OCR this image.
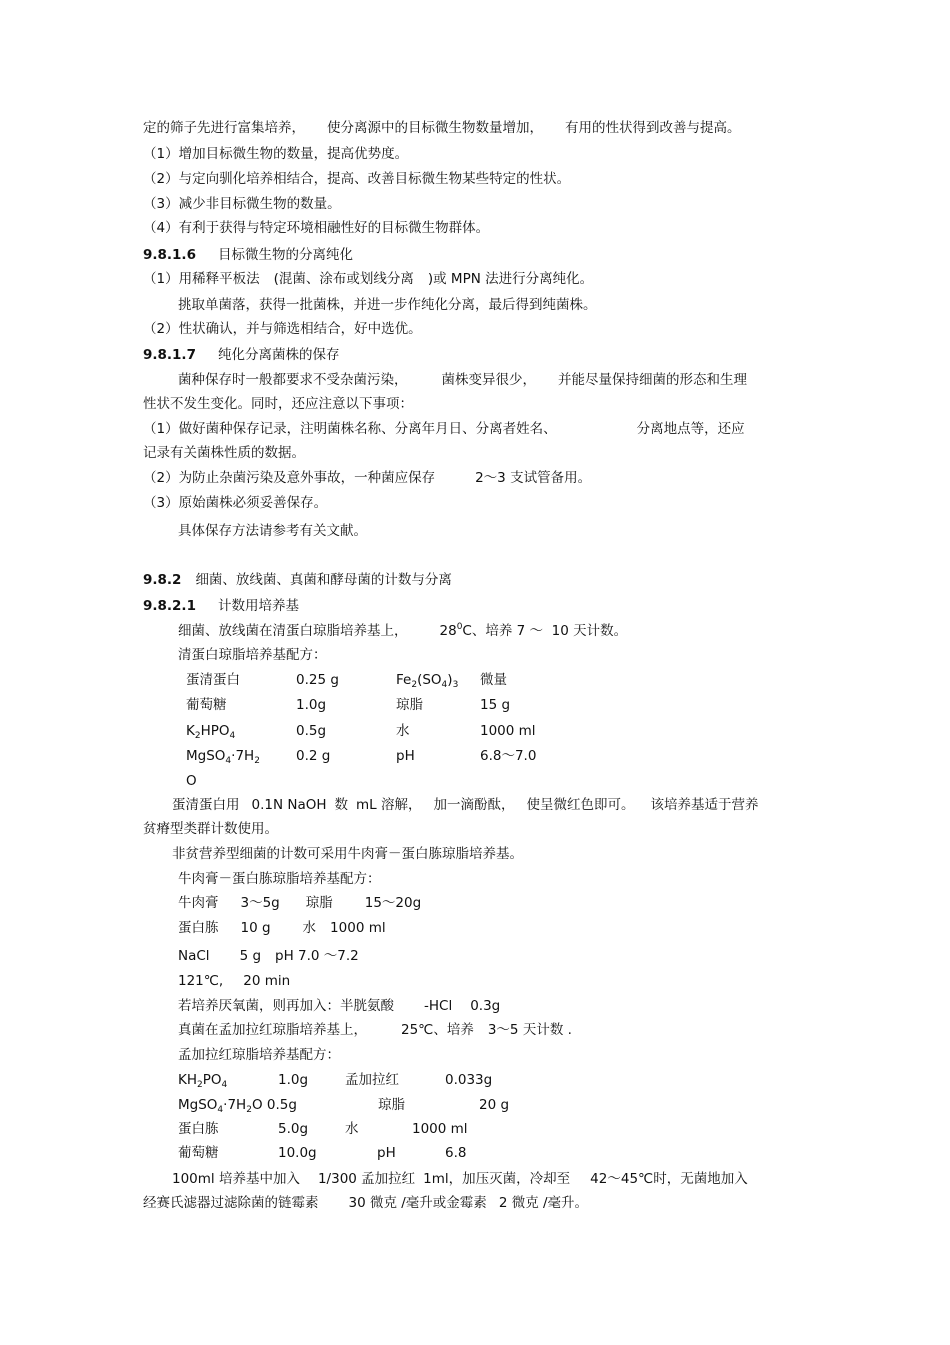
定的筛子先进行富集培养， 使分离源中的目标微生物数量增加， 有用的性状得到改善与提高。
（1）增加目标微生物的数量，提高优势度。
（2）与定向驯化培养相结合，提高、改善目标微生物某些特定的性状。
（3）减少非目标微生物的数量。
（4）有利于获得与特定环境相融性好的目标微生物群体。
9.8.1.6 目标微生物的分离纯化
（1）用稀释平板法 (混菌、涂布或划线分离 )或 MPN 法进行分离纯化。
挑取单菌落，获得一批菌株，并进一步作纯化分离，最后得到纯菌株。
（2）性状确认，并与筛选相结合，好中选优。
9.8.1.7 纯化分离菌株的保存
菌种保存时一般都要求不受杂菌污染，	菌株变异很少， 并能尽量保持细菌的形态和生理
性状不发生变化。同时，还应注意以下事项：
（1）做好菌种保存记录，注明菌株名称、分离年月日、分离者姓名、	分离地点等，还应
记录有关菌株性质的数据。
（2）为防止杂菌污染及意外事故，一种菌应保存	2～3 支试管备用。
（3）原始菌株必须妥善保存。
具体保存方法请参考有关文献。
9.8.2 细菌、放线菌、真菌和酵母菌的计数与分离
9.8.2.1 计数用培养基
细菌、放线菌在清蛋白琼脂培养基上， $28^0C$、培养 7 ～  10 天计数。
清蛋白琼脂培养基配方：
蛋清蛋白	0.25 g	$Fe_2(SO_4)_3$ 微量
葡萄糖	1.0g	琼脂	15 g
$K_2HPO_4$	0.5g	水	1000 ml
$MgSO_4\cdot 7H_2$	0.2 g	pH	6.8～7.0
O
蛋清蛋白用 0.1N NaOH 数 mL 溶解， 加一滴酚酞， 使呈微红色即可。 该培养基适于营养
贫瘠型类群计数使用。
非贫营养型细菌的计数可采用牛肉膏－蛋白胨琼脂培养基。
牛肉膏－蛋白胨琼脂培养基配方：
牛肉膏 3～5g 琼脂 15～20g
蛋白胨 10 g 水 1000 ml
NaCl 5 g pH 7.0 ～7.2
121℃, 20 min
若培养厌氧菌，则再加入：半胱氨酸 -HCl 0.3g
真菌在孟加拉红琼脂培养基上，	25℃、培养 3～5 天计数 .
孟加拉红琼脂培养基配方：
$KH_2PO_4$	1.0g	孟加拉红	0.033g
$MgSO_4\cdot 7H_2O$ 0.5g	琼脂	20 g
蛋白胨	5.0g	水	1000 ml
葡萄糖	10.0g	pH	6.8
100ml 培养基中加入 1/300 孟加拉红 1ml，加压灭菌，冷却至 42～45℃时，无菌地加入
经赛氏滤器过滤除菌的链霉素 30 微克 /毫升或金霉素 2 微克 /毫升。
